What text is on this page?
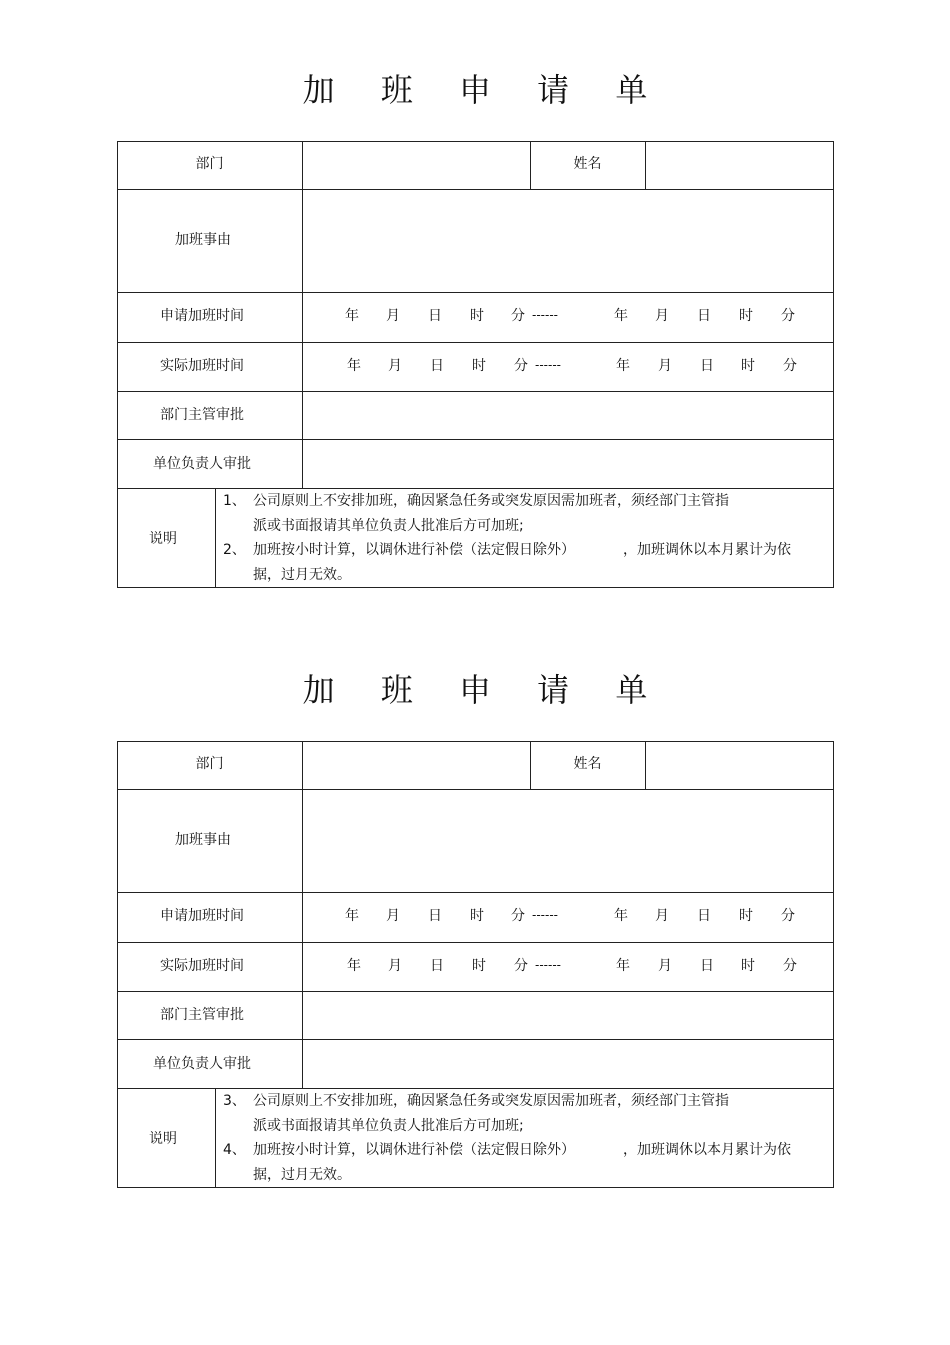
加 班 申 请 单
部门	姓名
加班事由
申请加班时间	年 月 日 时 分 ------	年 月 日 时 分
实际加班时间	年 月 日 时 分 ------	年 月 日 时 分
部门主管审批
单位负责人审批
说明
1、 公司原则上不安排加班，确因紧急任务或突发原因需加班者，须经部门主管指
派或书面报请其单位负责人批准后方可加班;
2、 加班按小时计算，以调休进行补偿（法定假日除外）	，加班调休以本月累计为依
据，过月无效。
加 班 申 请 单
部门	姓名
加班事由
申请加班时间	年 月 日 时 分 ------	年 月 日 时 分
实际加班时间	年 月 日 时 分 ------	年 月 日 时 分
部门主管审批
单位负责人审批
说明
3、 公司原则上不安排加班，确因紧急任务或突发原因需加班者，须经部门主管指
派或书面报请其单位负责人批准后方可加班;
4、 加班按小时计算，以调休进行补偿（法定假日除外）	，加班调休以本月累计为依
据，过月无效。
